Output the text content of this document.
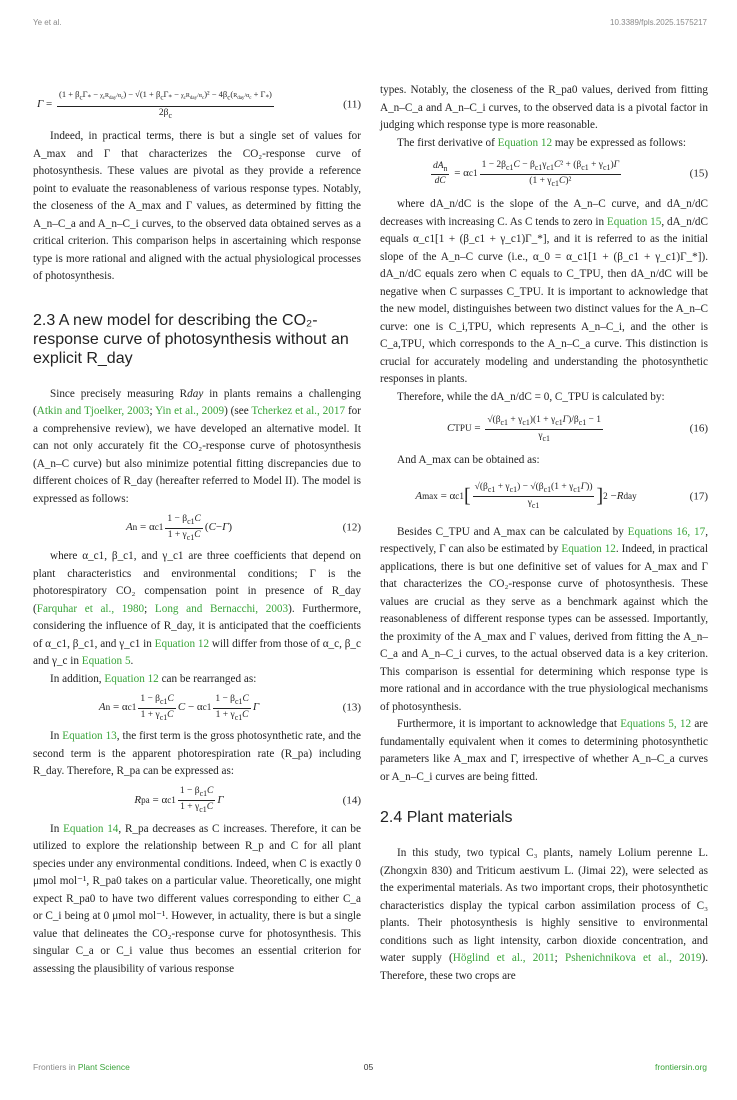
Ye et al.	10.3389/fpls.2025.1575217
Γ =
$(1 + \beta_c\Gamma_* - \chi_cR_{day}/\alpha_c) - √(1 + \beta_c\Gamma_* - \chi_cR_{day}/\alpha_c)^2 - 4\beta_c(R_{day}/\alpha_c + \Gamma_*)$
$2\beta_c$
(11)

Indeed, in practical terms, there is but a single set of values for A_max and Γ that characterizes the CO₂-response curve of photosynthesis. These values are pivotal as they provide a reference point to evaluate the reasonableness of various response types. Notably, the closeness of the A_max and Γ values, as determined by fitting the A_n–C_a and A_n–C_i curves, to the observed data obtained serves as a critical criterion. This comparison helps in ascertaining which response type is more rational and aligned with the actual physiological processes of photosynthesis.

2.3 A new model for describing the CO₂-response curve of photosynthesis without an explicit R_day

Since precisely measuring Rday in plants remains a challenging (Atkin and Tjoelker, 2003; Yin et al., 2009) (see Tcherkez et al., 2017 for a comprehensive review), we have developed an alternative model. It can not only accurately fit the CO₂-response curve of photosynthesis (A_n–C curve) but also minimize potential fitting discrepancies due to different choices of R_day (hereafter referred to Model II). The model is expressed as follows:

A n = α $c1 \frac{1 - \beta_{c1}C}{1 + \gamma_{c1}C}$ ( C − Γ )	(12)

where α_c1, β_c1, and γ_c1 are three coefficients that depend on plant characteristics and environmental conditions; Γ is the photorespiratory CO₂ compensation point in presence of R_day (Farquhar et al., 1980; Long and Bernacchi, 2003). Furthermore, considering the influence of R_day, it is anticipated that the coefficients of α_c1, β_c1, and γ_c1 in Equation 12 will differ from those of α_c, β_c and γ_c in Equation 5.

In addition, Equation 12 can be rearranged as:

A n = α $c1 \frac{1 - \beta_{c1}C}{1 + \gamma_{c1}C}$ C − α $c1 \frac{1 - \beta_{c1}C}{1 + \gamma_{c1}C}$ Γ	(13)

In Equation 13, the first term is the gross photosynthetic rate, and the second term is the apparent photorespiration rate (R_pa) including R_day. Therefore, R_pa can be expressed as:

R pa = α $c1 \frac{1 - \beta_{c1}C}{1 + \gamma_{c1}C}$ Γ	(14)

In Equation 14, R_pa decreases as C increases. Therefore, it can be utilized to explore the relationship between R_p and C for all plant species under any environmental conditions. Indeed, when C is exactly 0 μmol mol⁻¹, R_pa0 takes on a particular value. Theoretically, one might expect R_pa0 to have two different values corresponding to either C_a or C_i being at 0 μmol mol⁻¹. However, in actuality, there is but a single value that delineates the CO₂-response curve for photosynthesis. This singular C_a or C_i value thus becomes an essential criterion for assessing the plausibility of various response

types. Notably, the closeness of the R_pa0 values, derived from fitting A_n–C_a and A_n–C_i curves, to the observed data is a pivotal factor in judging which response type is more reasonable.

The first derivative of Equation 12 may be expressed as follows:

$\frac{dA_n}{dC} = \alpha$ $c1 \frac{1 - 2\beta_{c1}C - \beta_{c1}\gamma_{c1}C^2 + (\beta_{c1} + \gamma_{c1})\Gamma}{(1 + \gamma_{c1}C)^2}$	(15)

where dA_n/dC is the slope of the A_n–C curve, and dA_n/dC decreases with increasing C. As C tends to zero in Equation 15, dA_n/dC equals α_c1[1 + (β_c1 + γ_c1)Γ_*], and it is referred to as the initial slope of the A_n–C curve (i.e., α_0 = α_c1[1 + (β_c1 + γ_c1)Γ_*]). dA_n/dC equals zero when C equals to C_TPU, then dA_n/dC will be negative when C surpasses C_TPU. It is important to acknowledge that the new model, distinguishes between two distinct values for the A_n–C curve: one is C_i,TPU, which represents A_n–C_i, and the other is C_a,TPU, which corresponds to the A_n–C_a curve. This distinction is crucial for accurately modeling and understanding the photosynthetic responses in plants.

Therefore, while the dA_n/dC = 0, C_TPU is calculated by:

C TPU = $\frac{√(\beta_{c1} + \gamma_{c1})(1 + \gamma_{c1}\Gamma)/\beta_{c1} - 1}{\gamma_{c1}}$	(16)

And A_max can be obtained as:

A max = α c1 [ $\frac{√(\beta_{c1} + \gamma_{c1}) - √(\beta_{c1}(1 + \gamma_{c1}\Gamma))}{\gamma_{c1}}$ ] 2 − R day	(17)

Besides C_TPU and A_max can be calculated by Equations 16, 17, respectively, Γ can also be estimated by Equation 12. Indeed, in practical applications, there is but one definitive set of values for A_max and Γ that characterizes the CO₂-response curve of photosynthesis. These values are crucial as they serve as a benchmark against which the reasonableness of different response types can be assessed. Importantly, the proximity of the A_max and Γ values, derived from fitting the A_n–C_a and A_n–C_i curves, to the actual observed data is a key criterion. This comparison is essential for determining which response type is more rational and in accordance with the true physiological mechanisms of photosynthesis.

Furthermore, it is important to acknowledge that Equations 5, 12 are fundamentally equivalent when it comes to determining photosynthetic parameters like A_max and Γ, irrespective of whether A_n–C_a curves or A_n–C_i curves are being fitted.

2.4 Plant materials

In this study, two typical C₃ plants, namely Lolium perenne L. (Zhongxin 830) and Triticum aestivum L. (Jimai 22), were selected as the experimental materials. As two important crops, their photosynthetic characteristics display the typical carbon assimilation process of C₃ plants. Their photosynthesis is highly sensitive to environmental conditions such as light intensity, carbon dioxide concentration, and water supply (Höglind et al., 2011; Pshenichnikova et al., 2019). Therefore, these two crops are

Frontiers in Plant Science	05	frontiersin.org
